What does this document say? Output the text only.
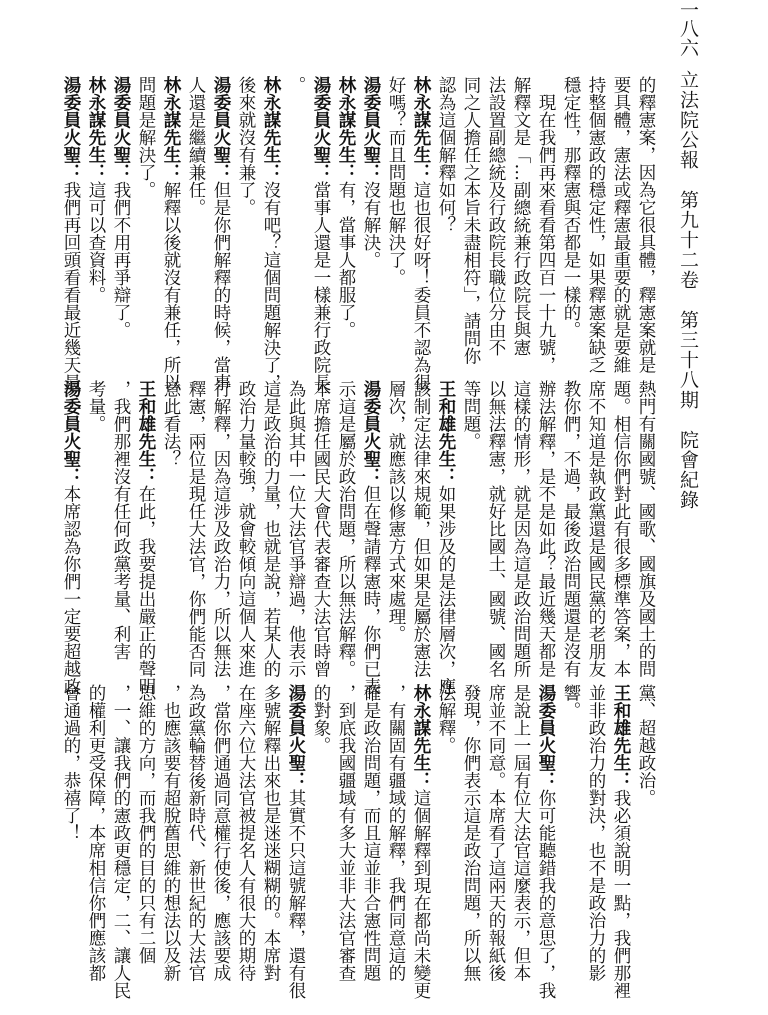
立法院公報　第九十二卷　第三十八期　院會紀錄
一八六

的釋憲案，因為它很具體，釋憲案就是
要具體，憲法或釋憲最重要的就是要維
持整個憲政的穩定性，如果釋憲案缺乏
穩定性，那釋憲與否都是一樣的。
　現在我們再來看看第四百一十九號，
解釋文是「…副總統兼行政院長與憲
法設置副總統及行政院長職位分由不
同之人擔任之本旨未盡相符」，請問你
認為這個解釋如何？

林永謀先生：這也很好呀！委員不認為很
好嗎？而且問題也解決了。

湯委員火聖：沒有解決。

林永謀先生：有，當事人都服了。

湯委員火聖：當事人還是一樣兼行政院長
。

林永謀先生：沒有吧？這個問題解決了，
後來就沒有兼了。

湯委員火聖：但是你們解釋的時候，當事
人還是繼續兼任。

林永謀先生：解釋以後就沒有兼任，所以
問題是解決了。

湯委員火聖：我們不用再爭辯了。

林永謀先生：這可以查資料。

湯委員火聖：我們再回頭看看最近幾天最

熱門有關國號、國歌、國旗及國土的問
題。相信你們對此有很多標準答案，本
席不知道是執政黨還是國民黨的老朋友
教你們，不過，最後政治問題還是沒有
辦法解釋，是不是如此？最近幾天都是
這樣的情形，就是因為這是政治問題所
以無法釋憲，就好比國土、國號、國名
等問題。

王和雄先生：如果涉及的是法律層次，應
該制定法律來規範，但如果是屬於憲法
層次，就應該以修憲方式來處理。

湯委員火聖：但在聲請釋憲時，你們已表
示這是屬於政治問題，所以無法解釋。
本席擔任國民大會代表審查大法官時曾
為此與其中一位大法官爭辯過，他表示
這是政治的力量，也就是說，若某人的
政治力量較強，就會較傾向這個人來進
行解釋，因為這涉及政治力，所以無法
釋憲，兩位是現任大法官，你們能否同
意此看法？

王和雄先生：在此，我要提出嚴正的聲明
，我們那裡沒有任何政黨考量、利害
考量。

湯委員火聖：本席認為你們一定要超越政

黨、超越政治。

王和雄先生：我必須說明一點，我們那裡
並非政治力的對決，也不是政治力的影
響。

湯委員火聖：你可能聽錯我的意思了，我
是說上一屆有位大法官這麼表示，但本
席並不同意。本席看了這兩天的報紙後
發現，你們表示這是政治問題，所以無
法解釋。

林永謀先生：這個解釋到現在都尚未變更
，有關固有疆域的解釋，我們同意這的
確是政治問題，而且這並非合憲性問題
，到底我國疆域有多大並非大法官審查
的對象。

湯委員火聖：其實不只這號解釋，還有很
多號解釋出來也是迷迷糊糊的。本席對
在座六位大法官被提名人有很大的期待
，當你們通過同意權行使後，應該要成
為政黨輪替後新時代、新世紀的大法官
，也應該要有超脫舊思維的想法以及新
思維的方向，而我們的目的只有二個
，一、讓我們的憲政更穩定，二、讓人民
的權利更受保障，本席相信你們應該都
會通過的，恭禧了！
